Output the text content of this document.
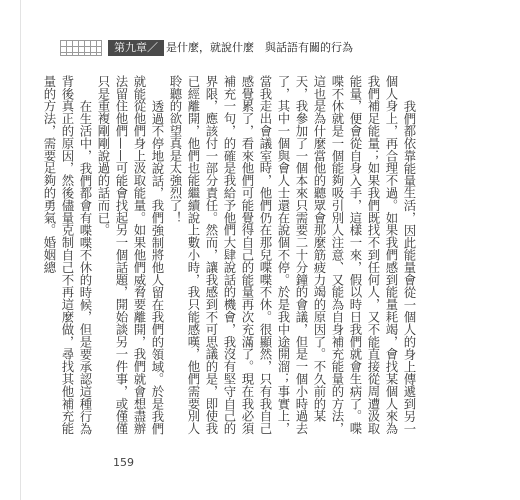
第九章／ 是什麼，就說什麼　與話語有關的行為

我們都依靠能量生活，因此能量會從一個人的身上傳遞到另一個人身上，再合理不過。如果我們感到能量耗竭，會找某個人來為我們補足能量；如果我們既找不到任何人，又不能直接從周遭汲取能量，便會從自身入手，這樣一來，假以時日我們就會生病了。喋喋不休就是一個能夠吸引別人注意、又能為自身補充能量的方法，這也是為什麼當他的聽眾會那麼筋疲力竭的原因了。不久前的某天，我參加了一個本來只需要二十分鐘的會議，但是一個小時過去了，其中一個與會人士還在說個不停。於是我中途開溜；事實上，當我走出會議室時，他們仍在那兒喋喋不休。很顯然，只有我自己感覺累了，看來他們可能覺得自己的能量再次充滿了。現在我必須補充一句，的確是我給予他們大肆說話的機會，我沒有堅守自己的界限，應該付一部分責任。然而，讓我感到不可思議的是，即使我已經離開，他們也能繼續說上數小時，我只能感嘆，他們需要別人聆聽的欲望真是太強烈了！

透過不停地說話，我們強制將他人留在我們的領域。於是我們就能從他們身上汲取能量。如果他們威脅要離開，我們就會想盡辦法留住他們——可能會找起另一個話題，開始談另一件事，或僅僅只是重複剛剛說過的話而已。

在生活中，我們都會有喋喋不休的時候，但是要承認這種行為背後真正的原因，然後儘量克制自己不再這麼做，尋找其他補充能量的方法，需要足夠的勇氣。婚姻總

159
